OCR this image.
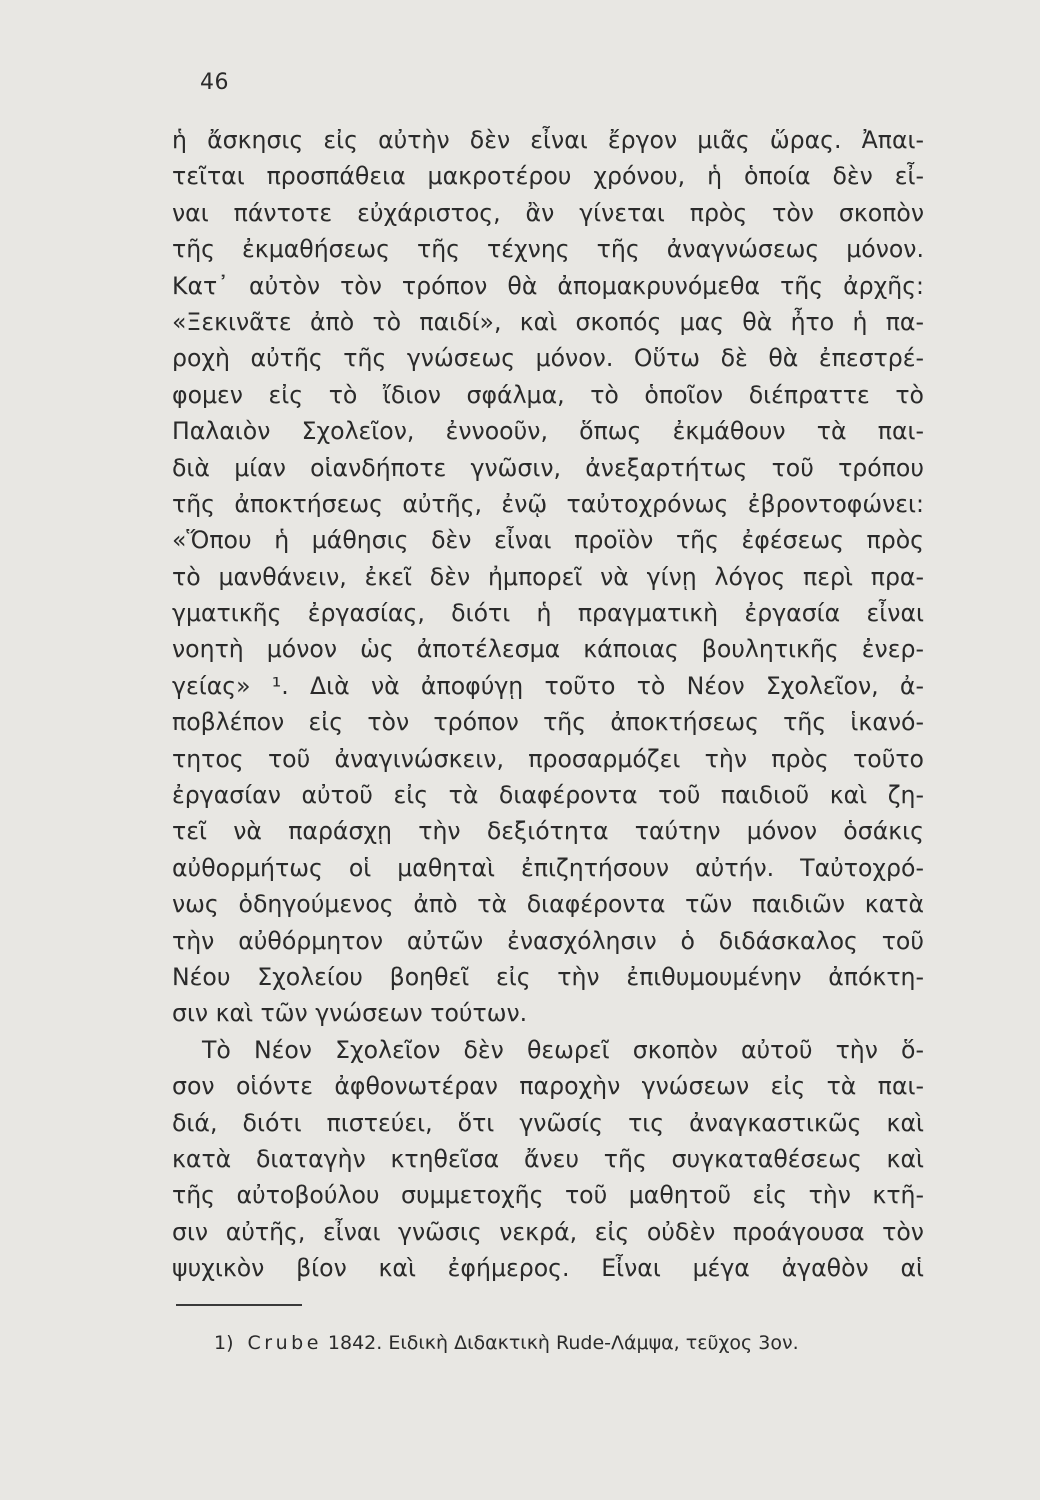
46
ἡ ἄσκησις εἰς αὐτὴν δὲν εἶναι ἔργον μιᾶς ὥρας. Ἀπαι-
τεῖται προσπάθεια μακροτέρου χρόνου, ἡ ὁποία δὲν εἶ-
ναι πάντοτε εὐχάριστος, ἂν γίνεται πρὸς τὸν σκοπὸν
τῆς ἐκμαθήσεως τῆς τέχνης τῆς ἀναγνώσεως μόνον.
Κατ᾽ αὐτὸν τὸν τρόπον θὰ ἀπομακρυνόμεθα τῆς ἀρχῆς:
«Ξεκινᾶτε ἀπὸ τὸ παιδί», καὶ σκοπός μας θὰ ἦτο ἡ πα-
ροχὴ αὐτῆς τῆς γνώσεως μόνον. Οὕτω δὲ θὰ ἐπεστρέ-
φομεν εἰς τὸ ἴδιον σφάλμα, τὸ ὁποῖον διέπραττε τὸ
Παλαιὸν Σχολεῖον, ἐννοοῦν, ὅπως ἐκμάθουν τὰ παι-
διὰ μίαν οἱανδήποτε γνῶσιν, ἀνεξαρτήτως τοῦ τρόπου
τῆς ἀποκτήσεως αὐτῆς, ἐνῷ ταὐτοχρόνως ἐβροντοφώνει:
«Ὅπου ἡ μάθησις δὲν εἶναι προϊὸν τῆς ἐφέσεως πρὸς
τὸ μανθάνειν, ἐκεῖ δὲν ἠμπορεῖ νὰ γίνῃ λόγος περὶ πρα-
γματικῆς ἐργασίας, διότι ἡ πραγματικὴ ἐργασία εἶναι
νοητὴ μόνον ὡς ἀποτέλεσμα κάποιας βουλητικῆς ἐνερ-
γείας» ¹. Διὰ νὰ ἀποφύγῃ τοῦτο τὸ Νέον Σχολεῖον, ἀ-
ποβλέπον εἰς τὸν τρόπον τῆς ἀποκτήσεως τῆς ἱκανό-
τητος τοῦ ἀναγινώσκειν, προσαρμόζει τὴν πρὸς τοῦτο
ἐργασίαν αὐτοῦ εἰς τὰ διαφέροντα τοῦ παιδιοῦ καὶ ζη-
τεῖ νὰ παράσχῃ τὴν δεξιότητα ταύτην μόνον ὁσάκις
αὐθορμήτως οἱ μαθηταὶ ἐπιζητήσουν αὐτήν. Ταὐτοχρό-
νως ὁδηγούμενος ἀπὸ τὰ διαφέροντα τῶν παιδιῶν κατὰ
τὴν αὐθόρμητον αὐτῶν ἐνασχόλησιν ὁ διδάσκαλος τοῦ
Νέου Σχολείου βοηθεῖ εἰς τὴν ἐπιθυμουμένην ἀπόκτη-
σιν καὶ τῶν γνώσεων τούτων.
Τὸ Νέον Σχολεῖον δὲν θεωρεῖ σκοπὸν αὐτοῦ τὴν ὅ-
σον οἱόντε ἀφθονωτέραν παροχὴν γνώσεων εἰς τὰ παι-
διά, διότι πιστεύει, ὅτι γνῶσίς τις ἀναγκαστικῶς καὶ
κατὰ διαταγὴν κτηθεῖσα ἄνευ τῆς συγκαταθέσεως καὶ
τῆς αὐτοβούλου συμμετοχῆς τοῦ μαθητοῦ εἰς τὴν κτῆ-
σιν αὐτῆς, εἶναι γνῶσις νεκρά, εἰς οὐδὲν προάγουσα τὸν
ψυχικὸν βίον καὶ ἐφήμερος. Εἶναι μέγα ἀγαθὸν αἱ
1) Crube 1842. Ειδικὴ Διδακτικὴ Rude-Λάμψα, τεῦχος 3ον.
